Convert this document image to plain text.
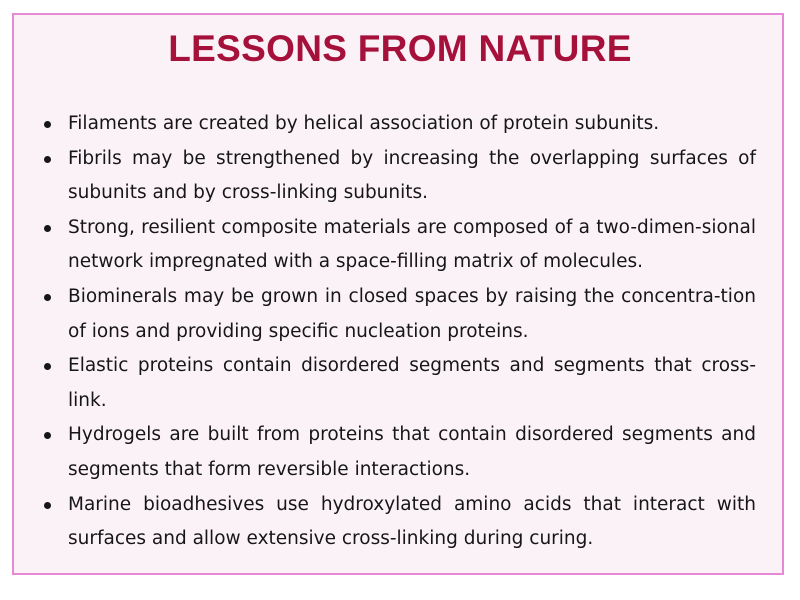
LESSONS FROM NATURE
Filaments are created by helical association of protein subunits.
Fibrils may be strengthened by increasing the overlapping surfaces of subunits and by cross-linking subunits.
Strong, resilient composite materials are composed of a two-dimen-sional network impregnated with a space-filling matrix of molecules.
Biominerals may be grown in closed spaces by raising the concentra-tion of ions and providing specific nucleation proteins.
Elastic proteins contain disordered segments and segments that cross-link.
Hydrogels are built from proteins that contain disordered segments and segments that form reversible interactions.
Marine bioadhesives use hydroxylated amino acids that interact with surfaces and allow extensive cross-linking during curing.
